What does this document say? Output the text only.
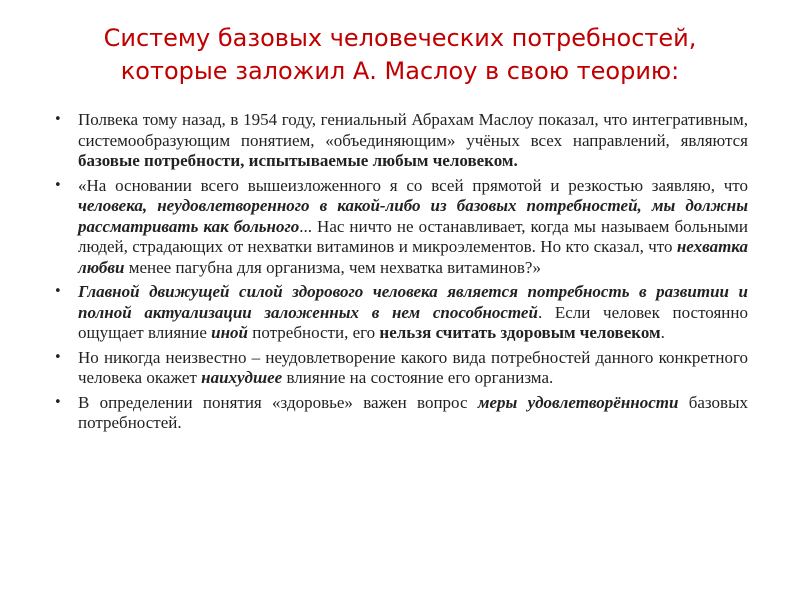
Систему базовых человеческих потребностей,
которые заложил А. Маслоу в свою теорию:
• Полвека тому назад, в 1954 году, гениальный Абрахам Маслоу показал, что интегративным, системообразующим понятием, «объединяющим» учёных всех направлений, являются базовые потребности, испытываемые любым человеком.
• «На основании всего вышеизложенного я со всей прямотой и резкостью заявляю, что человека, неудовлетворенного в какой-либо из базовых потребностей, мы должны рассматривать как больного... Нас ничто не останавливает, когда мы называем больными людей, страдающих от нехватки витаминов и микроэлементов. Но кто сказал, что нехватка любви менее пагубна для организма, чем нехватка витаминов?»
• Главной движущей силой здорового человека является потребность в развитии и полной актуализации заложенных в нем способностей. Если человек постоянно ощущает влияние иной потребности, его нельзя считать здоровым человеком.
• Но никогда неизвестно – неудовлетворение какого вида потребностей данного конкретного человека окажет наихудшее влияние на состояние его организма.
• В определении понятия «здоровье» важен вопрос меры удовлетворённости базовых потребностей.
